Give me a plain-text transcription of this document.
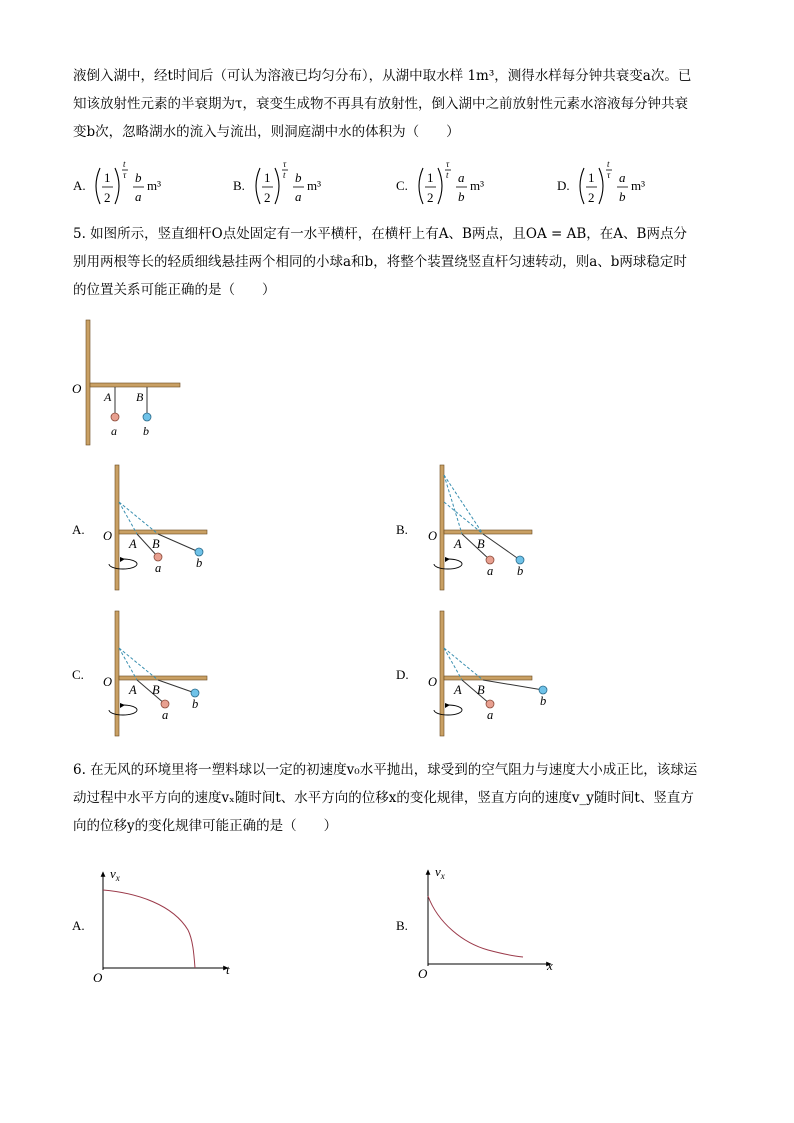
液倒入湖中，经t时间后（可认为溶液已均匀分布），从湖中取水样 1m³，测得水样每分钟共衰变a次。已

知该放射性元素的半衰期为τ，衰变生成物不再具有放射性，倒入湖中之前放射性元素水溶液每分钟共衰

变b次，忽略湖水的流入与流出，则洞庭湖中水的体积为（　　）

A.
1
2
t
τ b
a
m³	B.
1
2
τ
t b
a
m³	C.
1
2
τ
t a
b
m³	D.
1
2
t
τ a
b
m³

5. 如图所示，竖直细杆O点处固定有一水平横杆，在横杆上有A、B两点，且OA = AB，在A、B两点分

别用两根等长的轻质细线悬挂两个相同的小球a和b，将整个装置绕竖直杆匀速转动，则a、b两球稳定时

的位置关系可能正确的是（　　）

O
A B
a b
A.	B.
C.	D.
O
A B
a	b
O
A B
a b
O
A B
a
b
O
A B
a
b

6. 在无风的环境里将一塑料球以一定的初速度v₀水平抛出，球受到的空气阻力与速度大小成正比，该球运

动过程中水平方向的速度vₓ随时间t、水平方向的位移x的变化规律，竖直方向的速度v_y随时间t、竖直方

向的位移y的变化规律可能正确的是（　　）

A.	B.
$v_x$
t
O
$v_x$
x
O
